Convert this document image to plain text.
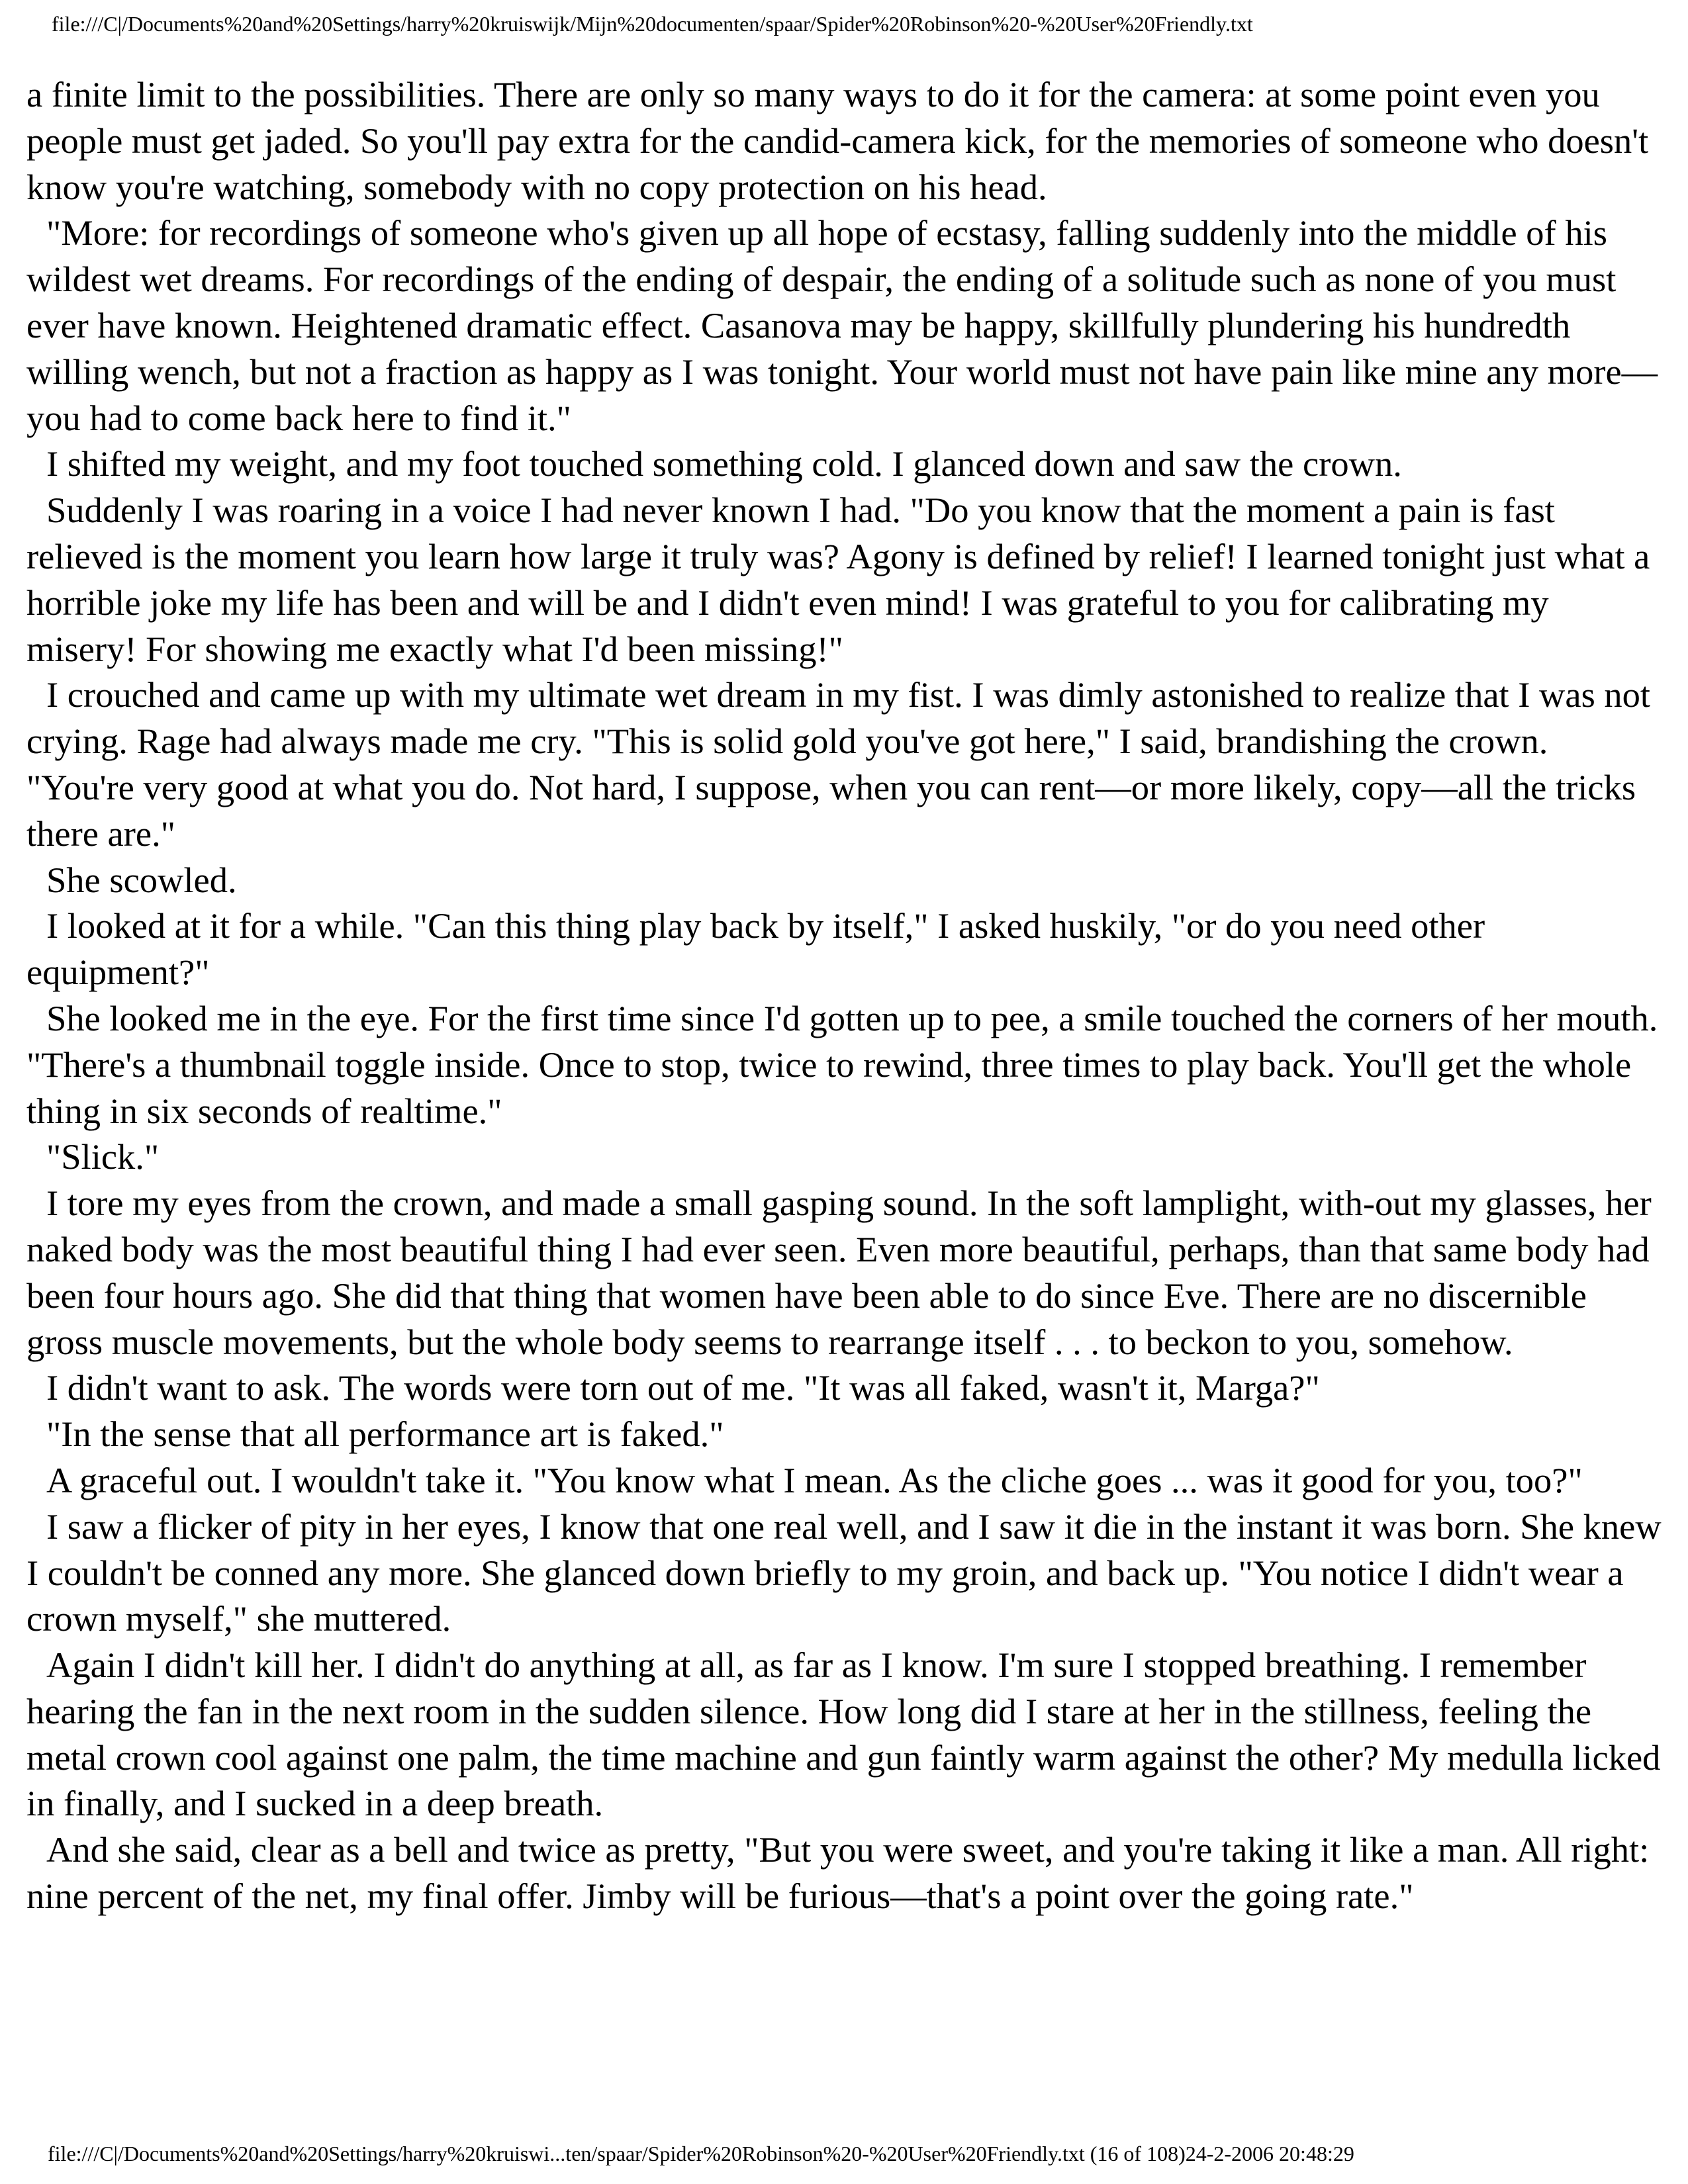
file:///C|/Documents%20and%20Settings/harry%20kruiswijk/Mijn%20documenten/spaar/Spider%20Robinson%20-%20User%20Friendly.txt

a finite limit to the possibilities. There are only so many ways to do it for the camera: at some point even you people must get jaded. So you'll pay extra for the candid-camera kick, for the memories of someone who doesn't know you're watching, somebody with no copy protection on his head.

"More: for recordings of someone who's given up all hope of ecstasy, falling suddenly into the middle of his wildest wet dreams. For recordings of the ending of despair, the ending of a solitude such as none of you must ever have known. Heightened dramatic effect. Casanova may be happy, skillfully plundering his hundredth willing wench, but not a fraction as happy as I was tonight. Your world must not have pain like mine any more—you had to come back here to find it."

I shifted my weight, and my foot touched something cold. I glanced down and saw the crown.

Suddenly I was roaring in a voice I had never known I had. "Do you know that the moment a pain is fast relieved is the moment you learn how large it truly was? Agony is defined by relief! I learned tonight just what a horrible joke my life has been and will be and I didn't even mind! I was grateful to you for calibrating my misery! For showing me exactly what I'd been missing!"

I crouched and came up with my ultimate wet dream in my fist. I was dimly astonished to realize that I was not crying. Rage had always made me cry. "This is solid gold you've got here," I said, brandishing the crown. "You're very good at what you do. Not hard, I suppose, when you can rent—or more likely, copy—all the tricks there are."

She scowled.

I looked at it for a while. "Can this thing play back by itself," I asked huskily, "or do you need other equipment?"

She looked me in the eye. For the first time since I'd gotten up to pee, a smile touched the corners of her mouth. "There's a thumbnail toggle inside. Once to stop, twice to rewind, three times to play back. You'll get the whole thing in six seconds of realtime."

"Slick."

I tore my eyes from the crown, and made a small gasping sound. In the soft lamplight, with-out my glasses, her naked body was the most beautiful thing I had ever seen. Even more beautiful, perhaps, than that same body had been four hours ago. She did that thing that women have been able to do since Eve. There are no discernible gross muscle movements, but the whole body seems to rearrange itself . . . to beckon to you, somehow.

I didn't want to ask. The words were torn out of me. "It was all faked, wasn't it, Marga?"

"In the sense that all performance art is faked."

A graceful out. I wouldn't take it. "You know what I mean. As the cliche goes ... was it good for you, too?"

I saw a flicker of pity in her eyes, I know that one real well, and I saw it die in the instant it was born. She knew I couldn't be conned any more. She glanced down briefly to my groin, and back up. "You notice I didn't wear a crown myself," she muttered.

Again I didn't kill her. I didn't do anything at all, as far as I know. I'm sure I stopped breathing. I remember hearing the fan in the next room in the sudden silence. How long did I stare at her in the stillness, feeling the metal crown cool against one palm, the time machine and gun faintly warm against the other? My medulla licked in finally, and I sucked in a deep breath.

And she said, clear as a bell and twice as pretty, "But you were sweet, and you're taking it like a man. All right: nine percent of the net, my final offer. Jimby will be furious—that's a point over the going rate."

file:///C|/Documents%20and%20Settings/harry%20kruiswi...ten/spaar/Spider%20Robinson%20-%20User%20Friendly.txt (16 of 108)24-2-2006 20:48:29
